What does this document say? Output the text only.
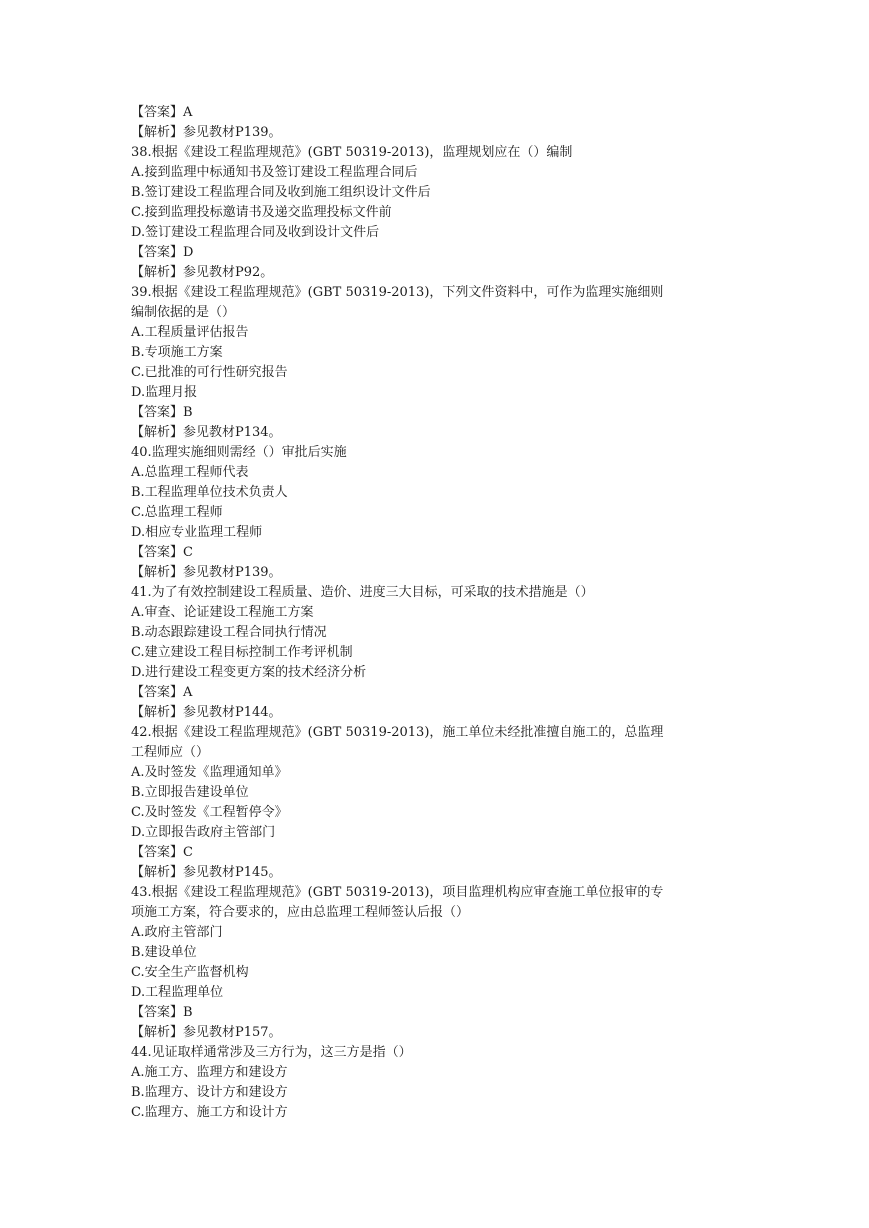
【答案】A
【解析】参见教材P139。
38.根据《建设工程监理规范》(GBT 50319-2013)，监理规划应在（）编制
A.接到监理中标通知书及签订建设工程监理合同后
B.签订建设工程监理合同及收到施工组织设计文件后
C.接到监理投标邀请书及递交监理投标文件前
D.签订建设工程监理合同及收到设计文件后
【答案】D
【解析】参见教材P92。
39.根据《建设工程监理规范》(GBT 50319-2013)，下列文件资料中，可作为监理实施细则
编制依据的是（）
A.工程质量评估报告
B.专项施工方案
C.已批准的可行性研究报告
D.监理月报
【答案】B
【解析】参见教材P134。
40.监理实施细则需经（）审批后实施
A.总监理工程师代表
B.工程监理单位技术负责人
C.总监理工程师
D.相应专业监理工程师
【答案】C
【解析】参见教材P139。
41.为了有效控制建设工程质量、造价、进度三大目标，可采取的技术措施是（）
A.审查、论证建设工程施工方案
B.动态跟踪建设工程合同执行情况
C.建立建设工程目标控制工作考评机制
D.进行建设工程变更方案的技术经济分析
【答案】A
【解析】参见教材P144。
42.根据《建设工程监理规范》(GBT 50319-2013)，施工单位未经批准擅自施工的，总监理
工程师应（）
A.及时签发《监理通知单》
B.立即报告建设单位
C.及时签发《工程暂停令》
D.立即报告政府主管部门
【答案】C
【解析】参见教材P145。
43.根据《建设工程监理规范》(GBT 50319-2013)，项目监理机构应审查施工单位报审的专
项施工方案，符合要求的，应由总监理工程师签认后报（）
A.政府主管部门
B.建设单位
C.安全生产监督机构
D.工程监理单位
【答案】B
【解析】参见教材P157。
44.见证取样通常涉及三方行为，这三方是指（）
A.施工方、监理方和建设方
B.监理方、设计方和建设方
C.监理方、施工方和设计方
